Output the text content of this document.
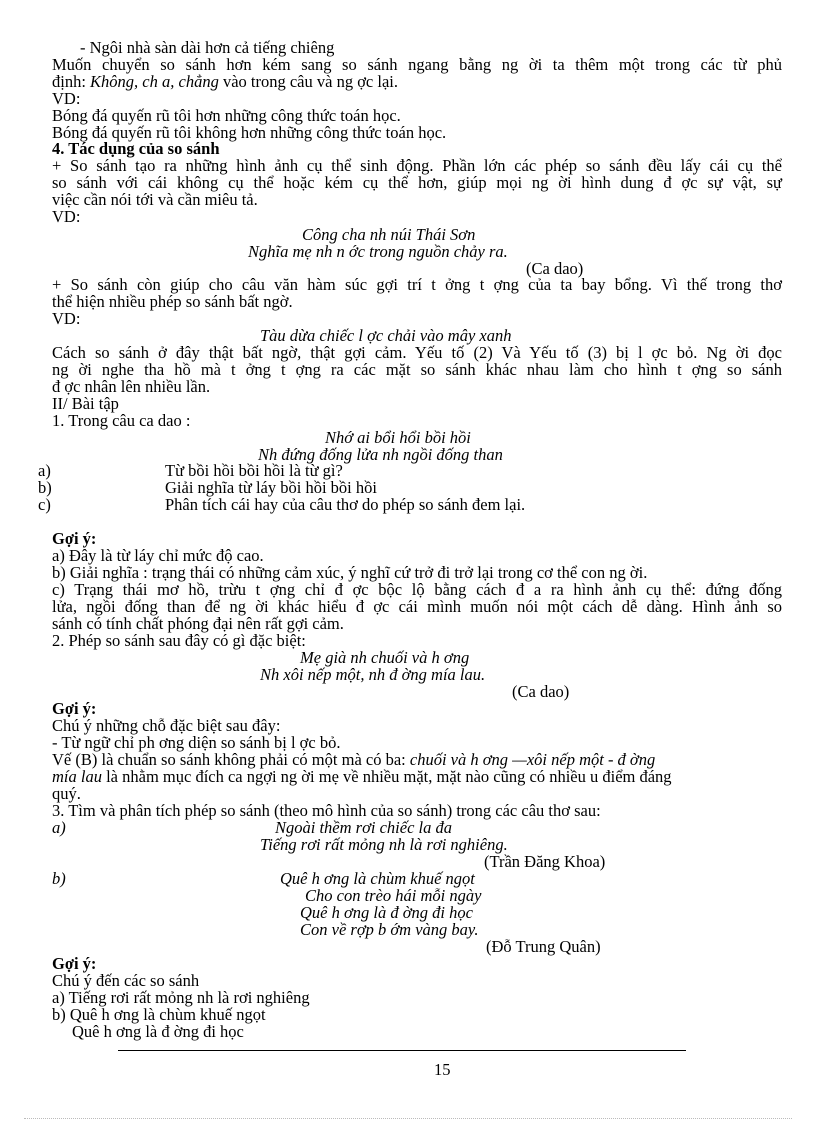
- Ngôi nhà sàn dài hơn cả tiếng chiêng
Muốn chuyển so sánh hơn kém sang so sánh ngang bằng ng ời ta thêm một trong các từ phủ
định: Không, ch a, chẳng vào trong câu và ng ợc lại.
VD:
Bóng đá quyến rũ tôi hơn những công thức toán học.
Bóng đá quyến rũ tôi không hơn những công thức toán học.
4. Tác dụng của so sánh
+ So sánh tạo ra những hình ảnh cụ thể sinh động. Phần lớn các phép so sánh đều lấy cái cụ thể
so sánh với cái không cụ thể hoặc kém cụ thể hơn, giúp mọi ng ời hình dung đ ợc sự vật, sự
việc cần nói tới và cần miêu tả.
VD:
Công cha nh núi Thái Sơn
Nghĩa mẹ nh n ớc trong nguồn chảy ra.
(Ca dao)
+ So sánh còn giúp cho câu văn hàm súc gợi trí t ởng t ợng của ta bay bổng. Vì thế trong thơ
thể hiện nhiều phép so sánh bất ngờ.
VD:
Tàu dừa chiếc l ợc chải vào mây xanh
Cách so sánh ở đây thật bất ngờ, thật gợi cảm. Yếu tố (2) Và Yếu tố (3) bị l ợc bỏ. Ng ời đọc
ng ời nghe tha hồ mà t ởng t ợng ra các mặt so sánh khác nhau làm cho hình t ợng so sánh
đ ợc nhân lên nhiều lần.
II/ Bài tập
1. Trong câu ca dao :
Nhớ ai bổi hổi bồi hồi
Nh đứng đống lửa nh ngồi đống than
a)	Từ bồi hồi bồi hồi là từ gì?
b)	Giải nghĩa từ láy bồi hồi bồi hồi
c)	Phân tích cái hay của câu thơ do phép so sánh đem lại.
Gợi ý:
a) Đây là từ láy chỉ mức độ cao.
b) Giải nghĩa : trạng thái có những cảm xúc, ý nghĩ cứ trở đi trở lại trong cơ thể con ng ời.
c) Trạng thái mơ hồ, trừu t ợng chỉ đ ợc bộc lộ bằng cách đ a ra hình ảnh cụ thể: đứng đống
lửa, ngồi đống than để ng ời khác hiểu đ ợc cái mình muốn nói một cách dễ dàng. Hình ảnh so
sánh có tính chất phóng đại nên rất gợi cảm.
2. Phép so sánh sau đây có gì đặc biệt:
Mẹ già nh chuối và h ơng
Nh xôi nếp một, nh đ ờng mía lau.
(Ca dao)
Gợi ý:
Chú ý những chỗ đặc biệt sau đây:
- Từ ngữ chỉ ph ơng diện so sánh bị l ợc bỏ.
Vế (B) là chuẩn so sánh không phải có một mà có ba: chuối và h ơng —xôi nếp một - đ ờng
mía lau là nhằm mục đích ca ngợi ng ời mẹ về nhiều mặt, mặt nào cũng có nhiều u điểm đáng
quý.
3. Tìm và phân tích phép so sánh (theo mô hình của so sánh) trong các câu thơ sau:
a)	Ngoài thềm rơi chiếc la đa
Tiếng rơi rất mỏng nh là rơi nghiêng.
(Trần Đăng Khoa)
b)	Quê h ơng là chùm khuế ngọt
Cho con trèo hái mỗi ngày
Quê h ơng là đ ờng đi học
Con về rợp b ớm vàng bay.
(Đỗ Trung Quân)
Gợi ý:
Chú ý đến các so sánh
a) Tiếng rơi rất mỏng nh là rơi nghiêng
b) Quê h ơng là chùm khuế ngọt
Quê h ơng là đ ờng đi học
15
